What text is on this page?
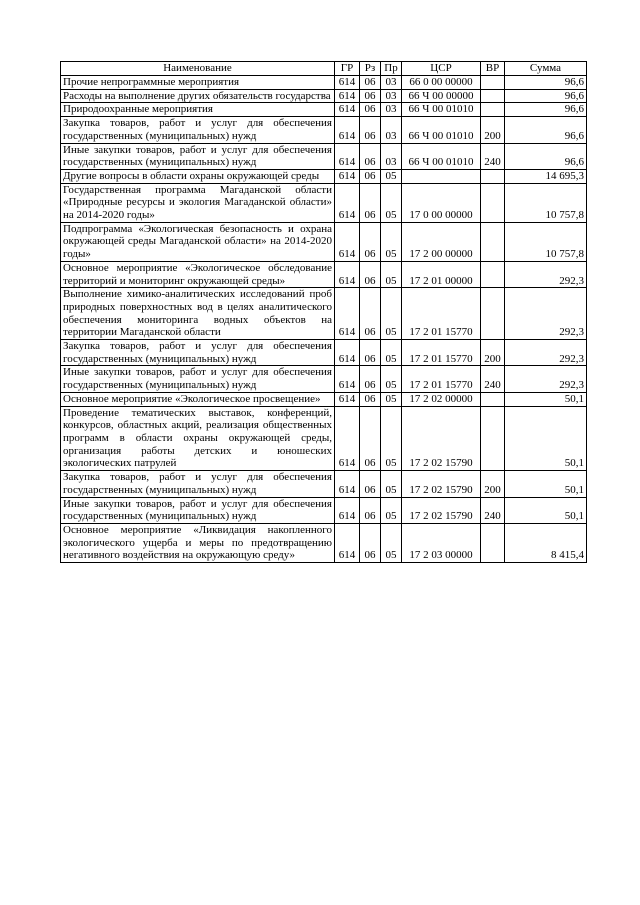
Наименование	ГР	Рз	Пр	ЦСР	ВР	Сумма
Прочие непрограммные мероприятия	614	06	03	66 0 00 00000		96,6
Расходы на выполнение других обязательств государства	614	06	03	66 Ч 00 00000		96,6
Природоохранные мероприятия	614	06	03	66 Ч 00 01010		96,6
Закупка товаров, работ и услуг для обеспечения государственных (муниципальных) нужд	614	06	03	66 Ч 00 01010	200	96,6
Иные закупки товаров, работ и услуг для обеспечения государственных (муниципальных) нужд	614	06	03	66 Ч 00 01010	240	96,6
Другие вопросы в области охраны окружающей среды	614	06	05			14 695,3
Государственная программа Магаданской области «Природные ресурсы и экология Магаданской области» на 2014-2020 годы»	614	06	05	17 0 00 00000		10 757,8
Подпрограмма «Экологическая безопасность и охрана окружающей среды Магаданской области» на 2014-2020 годы»	614	06	05	17 2 00 00000		10 757,8
Основное мероприятие «Экологическое обследование территорий и мониторинг окружающей среды»	614	06	05	17 2 01 00000		292,3
Выполнение химико-аналитических исследований проб природных поверхностных вод в целях аналитического обеспечения мониторинга водных объектов на территории Магаданской области	614	06	05	17 2 01 15770		292,3
Закупка товаров, работ и услуг для обеспечения государственных (муниципальных) нужд	614	06	05	17 2 01 15770	200	292,3
Иные закупки товаров, работ и услуг для обеспечения государственных (муниципальных) нужд	614	06	05	17 2 01 15770	240	292,3
Основное мероприятие «Экологическое просвещение»	614	06	05	17 2 02 00000		50,1
Проведение тематических выставок, конференций, конкурсов, областных акций, реализация общественных программ в области охраны окружающей среды, организация работы детских и юношеских экологических патрулей	614	06	05	17 2 02 15790		50,1
Закупка товаров, работ и услуг для обеспечения государственных (муниципальных) нужд	614	06	05	17 2 02 15790	200	50,1
Иные закупки товаров, работ и услуг для обеспечения государственных (муниципальных) нужд	614	06	05	17 2 02 15790	240	50,1
Основное мероприятие «Ликвидация накопленного экологического ущерба и меры по предотвращению негативного воздействия на окружающую среду»	614	06	05	17 2 03 00000		8 415,4
